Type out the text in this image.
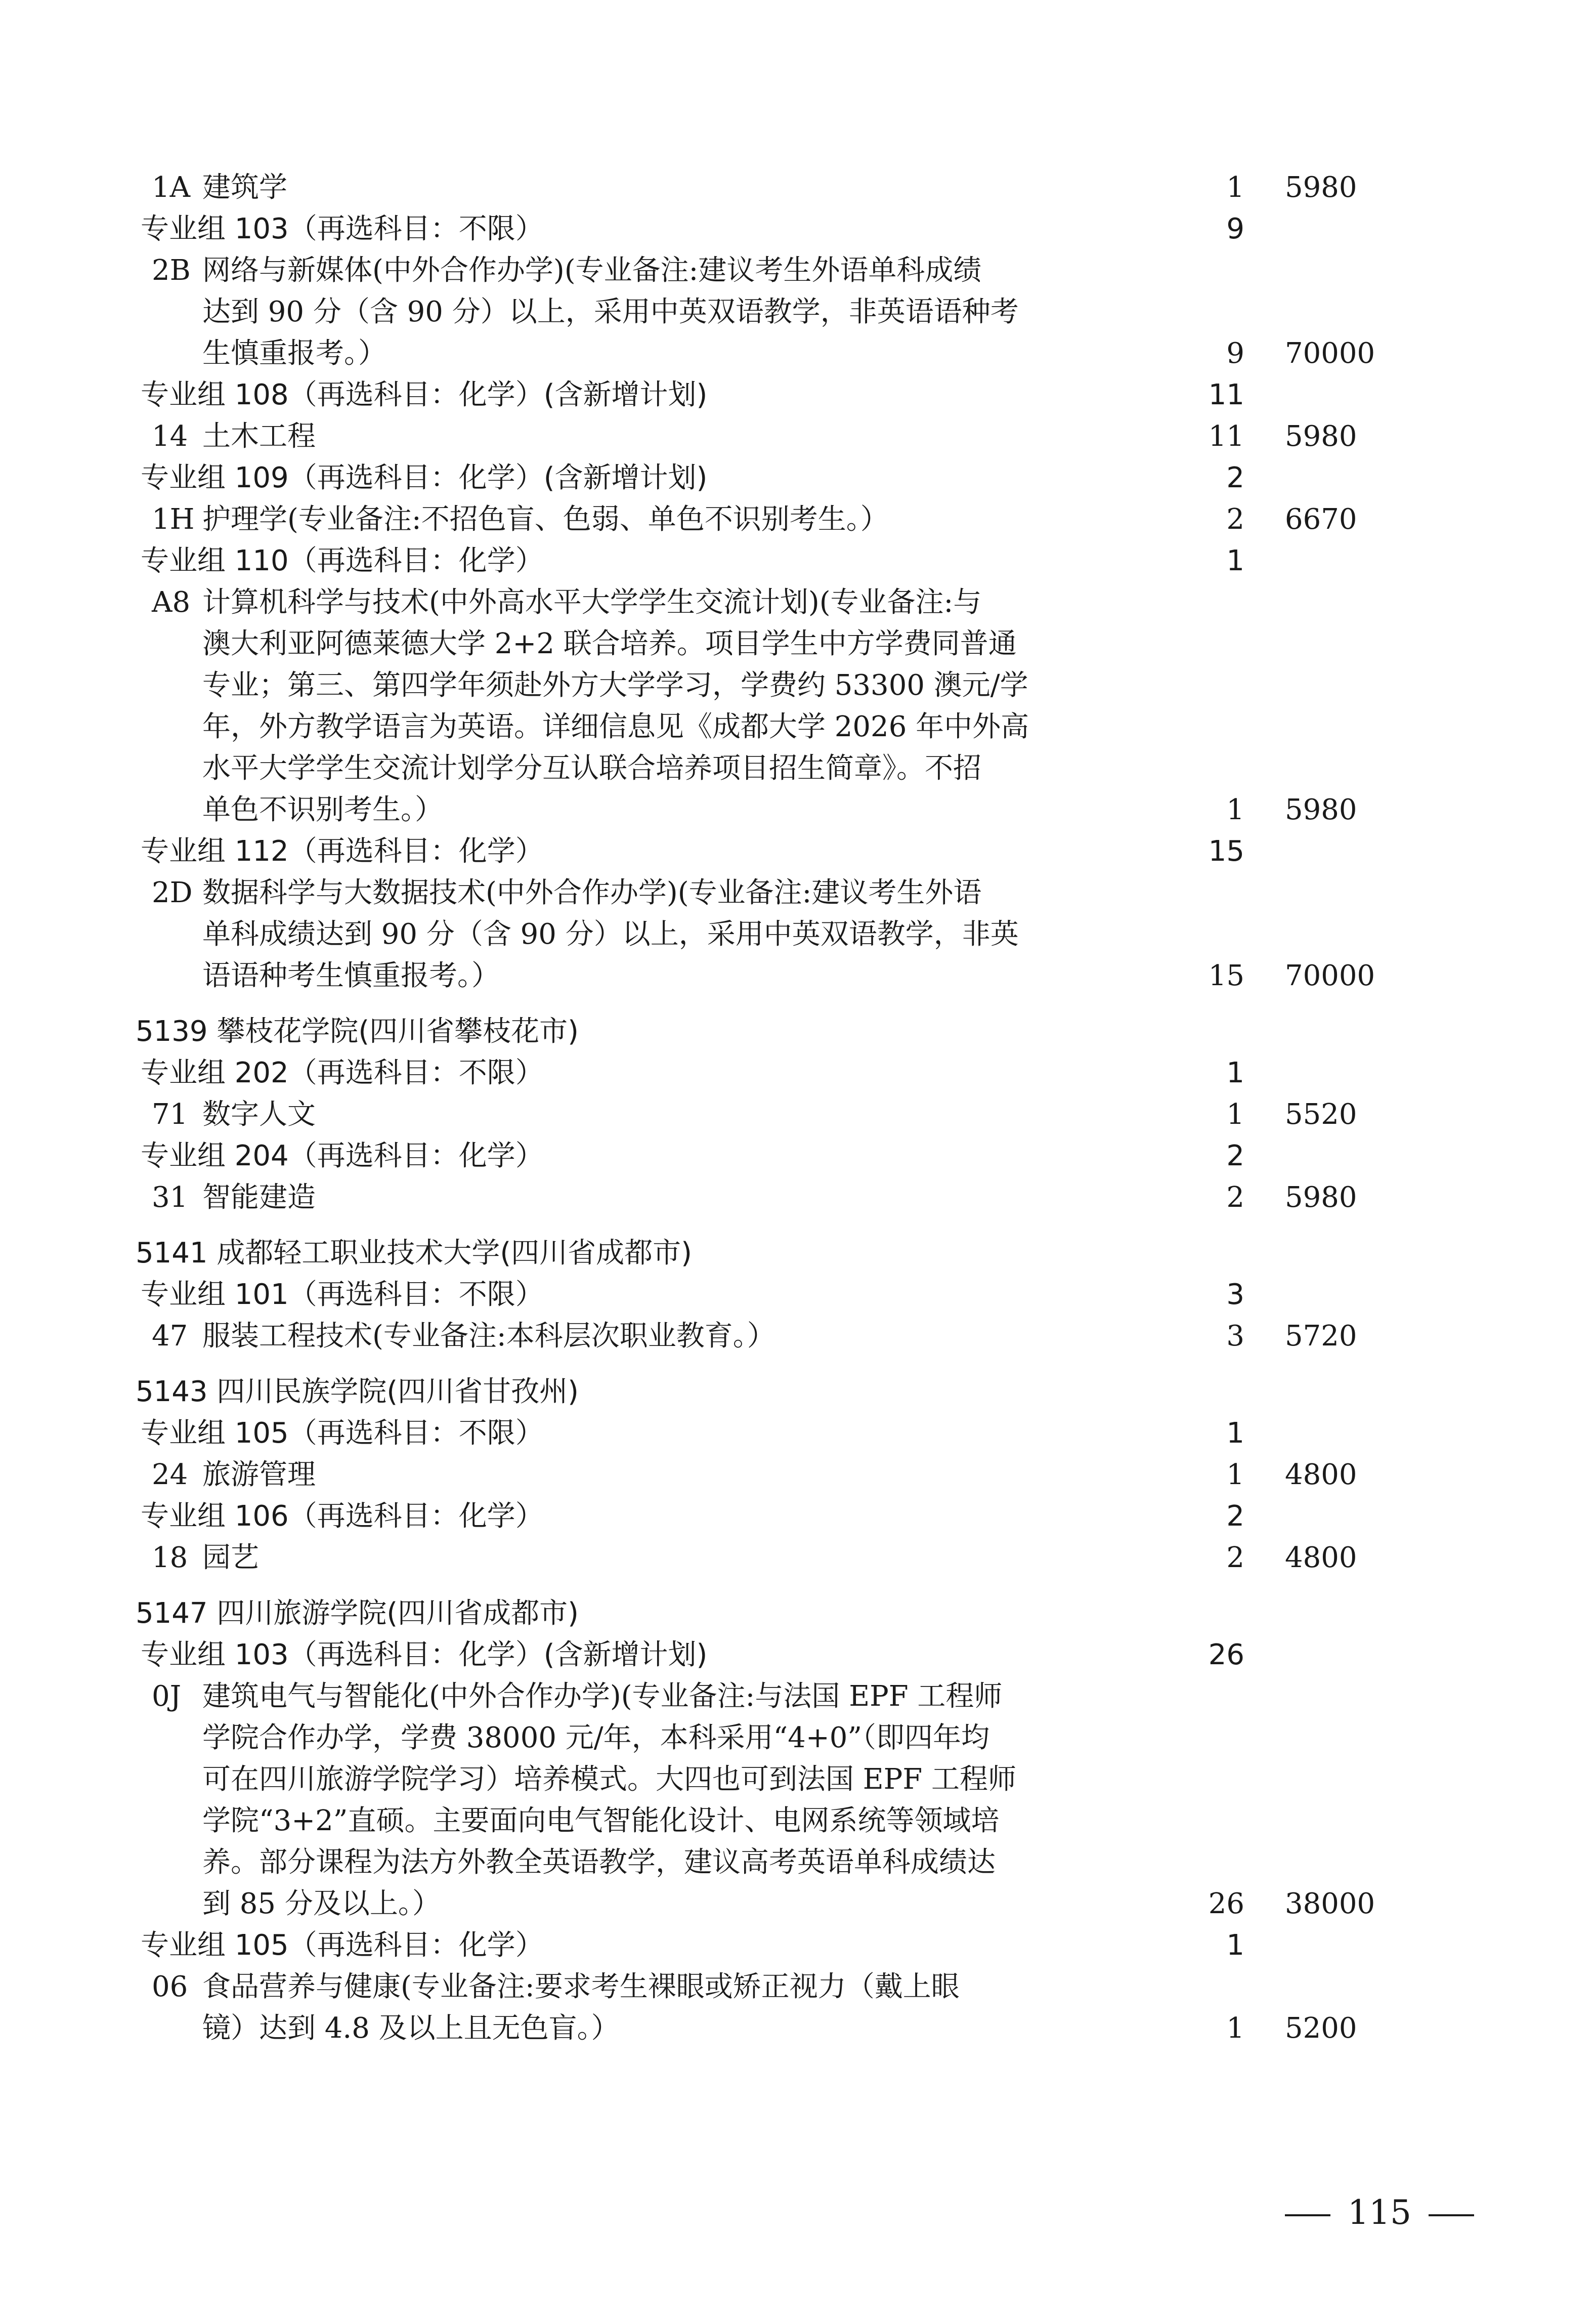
1A 建筑学	1 5980
专业组 103（再选科目：不限）	9
2B 网络与新媒体(中外合作办学)(专业备注:建议考生外语单科成绩
达到 90 分（含 90 分）以上，采用中英双语教学，非英语语种考
生慎重报考。）	9 70000
专业组 108（再选科目：化学）(含新增计划)	11
14 土木工程	11 5980
专业组 109（再选科目：化学）(含新增计划)	2
1H 护理学(专业备注:不招色盲、色弱、单色不识别考生。）	2 6670
专业组 110（再选科目：化学）	1
A8 计算机科学与技术(中外高水平大学学生交流计划)(专业备注:与
澳大利亚阿德莱德大学 2+2 联合培养。项目学生中方学费同普通
专业；第三、第四学年须赴外方大学学习，学费约 53300 澳元/学
年，外方教学语言为英语。详细信息见《成都大学 2026 年中外高
水平大学学生交流计划学分互认联合培养项目招生简章》。不招
单色不识别考生。）	1 5980
专业组 112（再选科目：化学）	15
2D 数据科学与大数据技术(中外合作办学)(专业备注:建议考生外语
单科成绩达到 90 分（含 90 分）以上，采用中英双语教学，非英
语语种考生慎重报考。）	15 70000
5139 攀枝花学院(四川省攀枝花市)
专业组 202（再选科目：不限）	1
71 数字人文	1 5520
专业组 204（再选科目：化学）	2
31 智能建造	2 5980
5141 成都轻工职业技术大学(四川省成都市)
专业组 101（再选科目：不限）	3
47 服装工程技术(专业备注:本科层次职业教育。）	3 5720
5143 四川民族学院(四川省甘孜州)
专业组 105（再选科目：不限）	1
24 旅游管理	1 4800
专业组 106（再选科目：化学）	2
18 园艺	2 4800
5147 四川旅游学院(四川省成都市)
专业组 103（再选科目：化学）(含新增计划)	26
0J 建筑电气与智能化(中外合作办学)(专业备注:与法国 EPF 工程师
学院合作办学，学费 38000 元/年，本科采用“4+0”（即四年均
可在四川旅游学院学习）培养模式。大四也可到法国 EPF 工程师
学院“3+2”直硕。主要面向电气智能化设计、电网系统等领域培
养。部分课程为法方外教全英语教学，建议高考英语单科成绩达
到 85 分及以上。）	26 38000
专业组 105（再选科目：化学）	1
06 食品营养与健康(专业备注:要求考生裸眼或矫正视力（戴上眼
镜）达到 4.8 及以上且无色盲。）	1 5200
115
